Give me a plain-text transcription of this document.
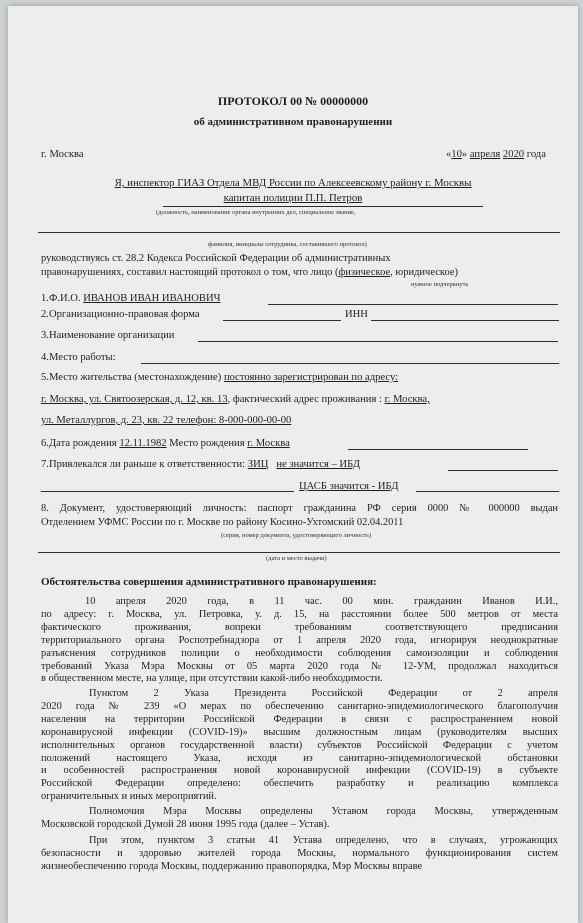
ПРОТОКОЛ 00 № 00000000
об административном правонарушении
г. Москва	«10» апреля 2020 года
Я, инспектор ГИАЗ Отдела МВД России по Алексеевскому району г. Москвы
капитан полиции П.П. Петров
(должность, наименование органа внутренних дел, специальное звание,
фамилия, инициалы сотрудника, составившего протокол)
руководствуясь ст. 28.2 Кодекса Российской Федерации об административных
правонарушениях, составил настоящий протокол о том, что лицо (физическое, юридическое)
нужное подчеркнуть
1.Ф.И.О. ИВАНОВ ИВАН ИВАНОВИЧ
2.Организационно-правовая форма	ИНН
3.Наименование организации
4.Место работы:
5.Место жительства (местонахождение) постоянно зарегистрирован по адресу:
г. Москва, ул. Святоозерская, д. 12, кв. 13, фактический адрес проживания : г. Москва,
ул. Металлургов, д. 23, кв. 22 телефон: 8-000-000-00-00
6.Дата рождения 12.11.1982 Место рождения г. Москва
7.Привлекался ли раньше к ответственности: ЗИЦ не значится – ИБД
ЦАСБ значится - ИБД
8. Документ, удостоверяющий личность: паспорт гражданина РФ серия 0000 № 000000 выдан
Отделением УФМС России по г. Москве по району Косино-Ухтомский 02.04.2011
(серия, номер документа, удостоверяющего личность)
(дата и место выдачи)
Обстоятельства совершения административного правонарушения:
10 апреля 2020 года, в 11 час. 00 мин. гражданин Иванов И.И.,
по адресу: г. Москва, ул. Петровка, у. д. 15, на расстоянии более 500 метров от места
фактического проживания, вопреки требованиям соответствующего предписания
территориального органа Роспотребнадзора от 1 апреля 2020 года, игнорируя неоднократные
разъяснения сотрудников полиции о необходимости соблюдения самоизоляции и соблюдения
требований Указа Мэра Москвы от 05 марта 2020 года № 12-УМ, продолжал находиться
в общественном месте, на улице, при отсутствии какой-либо необходимости.
Пунктом 2 Указа Президента Российской Федерации от 2 апреля
2020 года № 239 «О мерах по обеспечению санитарно-эпидемиологического благополучия
населения на территории Российской Федерации в связи с распространением новой
коронавирусной инфекции (COVID-19)» высшим должностным лицам (руководителям высших
исполнительных органов государственной власти) субъектов Российской Федерации с учетом
положений настоящего Указа, исходя из санитарно-эпидемиологической обстановки
и особенностей распространения новой коронавирусной инфекции (COVID-19) в субъекте
Российской Федерации определено: обеспечить разработку и реализацию комплекса
ограничительных и иных мероприятий.
Полномочия Мэра Москвы определены Уставом города Москвы, утвержденным
Московской городской Думой 28 июня 1995 года (далее – Устав).
При этом, пунктом 3 статьи 41 Устава определено, что в случаях, угрожающих
безопасности и здоровью жителей города Москвы, нормального функционирования систем
жизнеобеспечению города Москвы, поддержанию правопорядка, Мэр Москвы вправе
